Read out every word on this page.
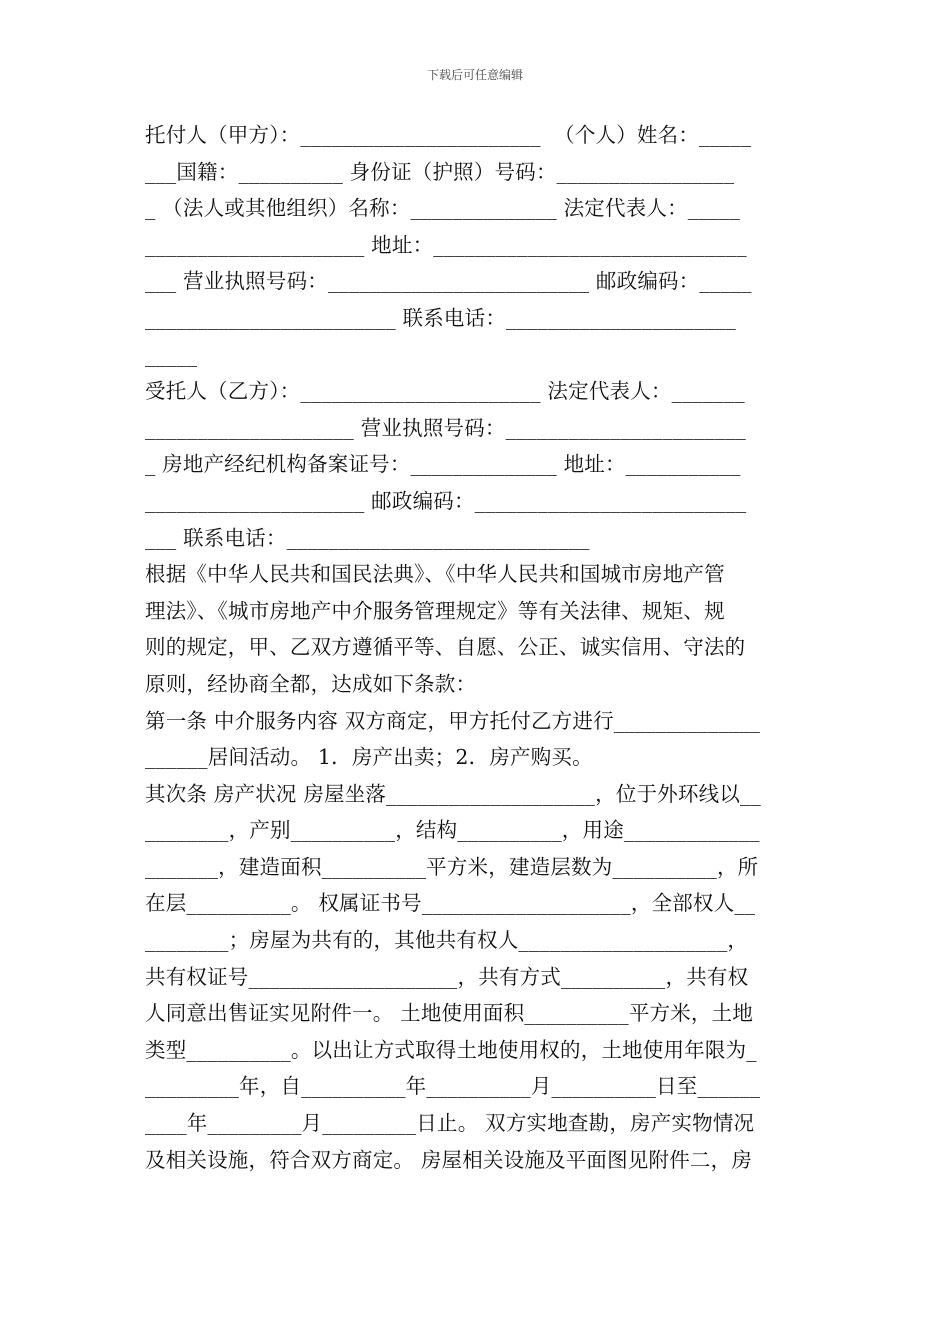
下载后可任意编辑
托付人（甲方）：_______________________  （个人）姓名：_____
___国籍：__________ 身份证（护照）号码：_________________
_ （法人或其他组织）名称：______________ 法定代表人：_____
_____________________ 地址：______________________________
___ 营业执照号码：_________________________ 邮政编码：_____
________________________ 联系电话：______________________
_____
受托人（乙方）：_______________________ 法定代表人：_______
____________________ 营业执照号码：_______________________
_ 房地产经纪机构备案证号：______________ 地址：___________
_____________________ 邮政编码：__________________________
___ 联系电话：_____________________________
根据《中华人民共和国民法典》、《中华人民共和国城市房地产管
理法》、《城市房地产中介服务管理规定》等有关法律、规矩、规
则的规定，甲、乙双方遵循平等、自愿、公正、诚实信用、守法的
原则，经协商全都，达成如下条款：
第一条 中介服务内容 双方商定，甲方托付乙方进行______________
______居间活动。 1．房产出卖；2．房产购买。
其次条 房产状况 房屋坐落____________________，位于外环线以__
________，产别__________，结构__________，用途_____________
_______，建造面积__________平方米，建造层数为__________，所
在层__________。 权属证书号____________________，全部权人__
________；房屋为共有的，其他共有权人____________________，
共有权证号____________________，共有方式__________，共有权
人同意出售证实见附件一。 土地使用面积__________平方米，土地
类型__________。以出让方式取得土地使用权的，土地使用年限为_
_________年，自__________年__________月__________日至______
____年_________月_________日止。 双方实地查勘，房产实物情况
及相关设施，符合双方商定。 房屋相关设施及平面图见附件二，房
